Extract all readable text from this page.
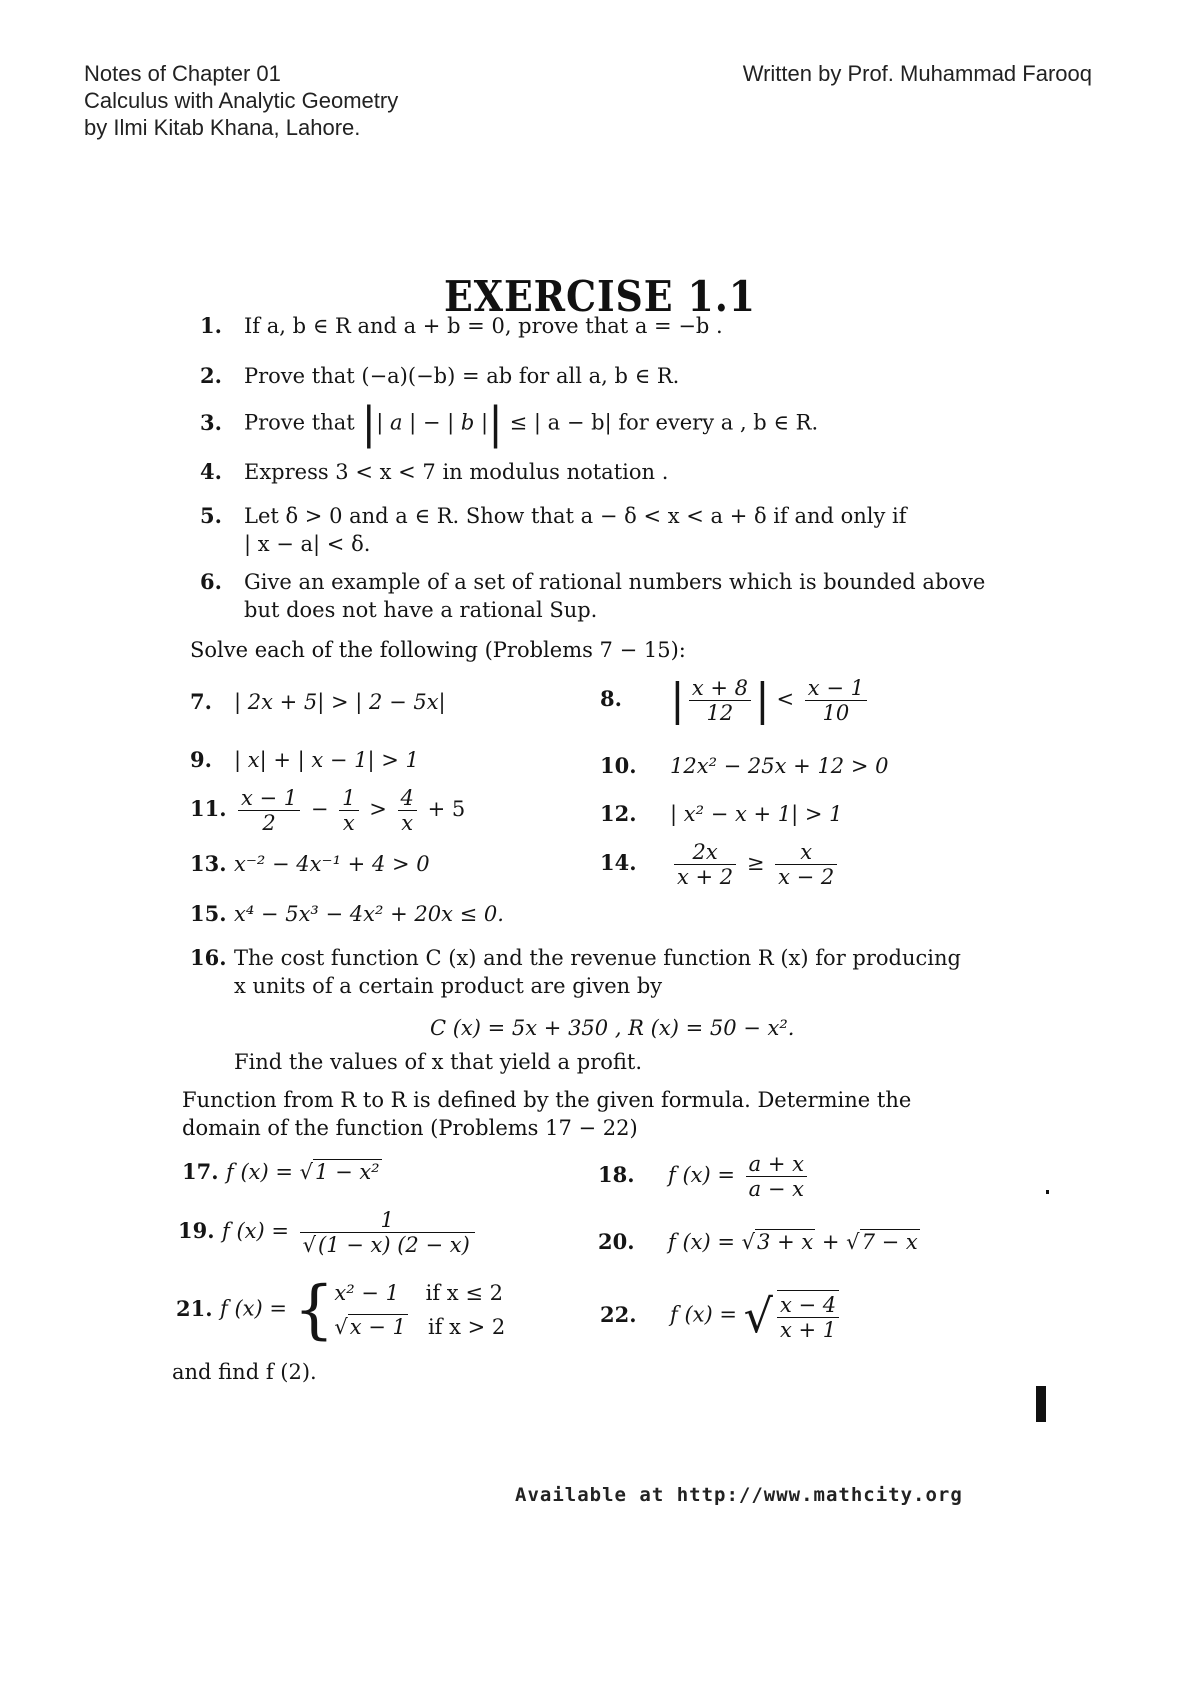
Notes of Chapter 01
Calculus with Analytic Geometry
by Ilmi Kitab Khana, Lahore.
Written by Prof. Muhammad Farooq
EXERCISE 1.1
1. If a, b ∈ R and a + b = 0, prove that a = −b .
2. Prove that (−a)(−b) = ab for all a, b ∈ R.
3. Prove that || a | − | b || ≤ | a − b| for every a , b ∈ R.
4. Express 3 < x < 7 in modulus notation .
5. Let δ > 0 and a ∈ R. Show that a − δ < x < a + δ if and only if
| x − a| < δ.
6. Give an example of a set of rational numbers which is bounded above
but does not have a rational Sup.
Solve each of the following (Problems 7 − 15):
7. | 2x + 5| > | 2 − 5x|	8. | $\frac{x + 8}{12}$ | < $\frac{x - 1}{10}$
9. | x| + | x − 1| > 1	10. 12x² − 25x + 12 > 0
11. $\frac{x - 1}{2} - \frac{1}{x} > \frac{4}{x} + 5$	12. | x² − x + 1| > 1
13. x⁻² − 4x⁻¹ + 4 > 0	14. $\frac{2x}{x + 2} \ge \frac{x}{x - 2}$
15. x⁴ − 5x³ − 4x² + 20x ≤ 0.
16. The cost function C (x) and the revenue function R (x) for producing
x units of a certain product are given by
C (x) = 5x + 350 , R (x) = 50 − x².
Find the values of x that yield a profit.
Function from R to R is defined by the given formula. Determine the
domain of the function (Problems 17 − 22)
17. f (x) = √1 − x²	18. f $(x) = \frac{a + x}{a - x}$
19. f $(x) = \frac{1}{√(1 - x) (2 - x)}$	20. f (x) = √3 + x + √7 − x
21. f (x) = { x² − 1 if x ≤ 2
√x − 1 if x > 2
22. f (x) = √ $\frac{x - 4}{x + 1}$
and find f (2).
Available at http://www.mathcity.org
